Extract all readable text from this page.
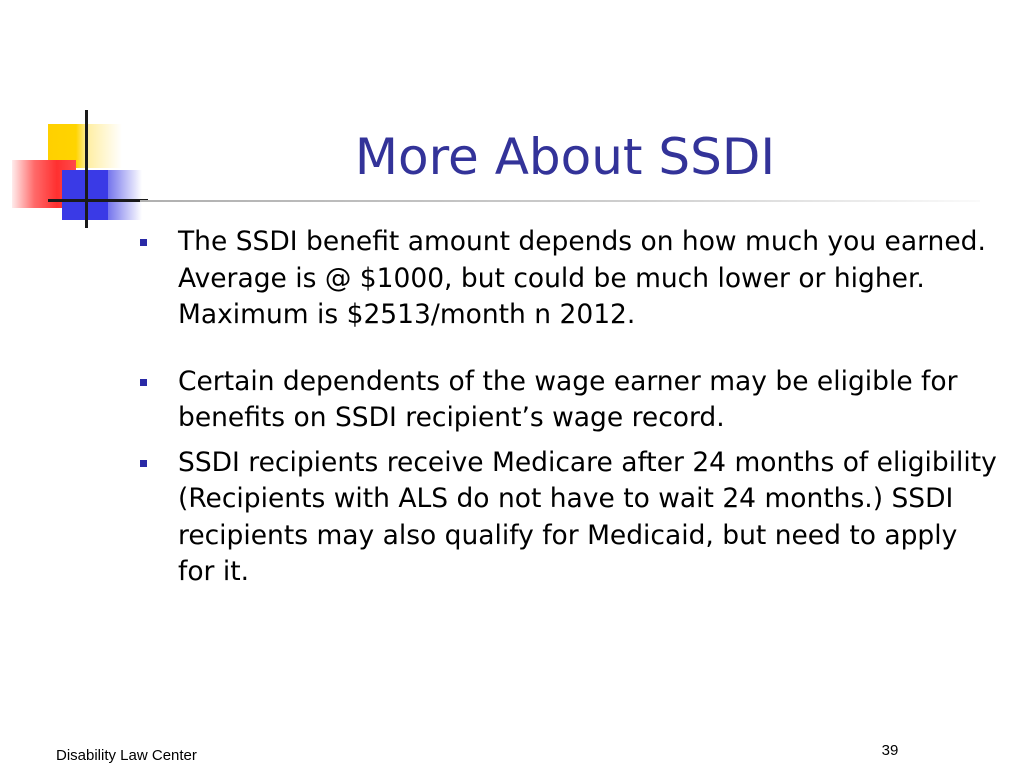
More About SSDI
The SSDI benefit amount depends on how much you earned. Average is @ $1000, but could be much lower or higher. Maximum is $2513/month n 2012.
Certain dependents of the wage earner may be eligible for benefits on SSDI recipient’s wage record.
SSDI recipients receive Medicare after 24 months of eligibility (Recipients with ALS do not have to wait 24 months.) SSDI recipients may also qualify for Medicaid, but need to apply for it.
Disability Law Center	39
